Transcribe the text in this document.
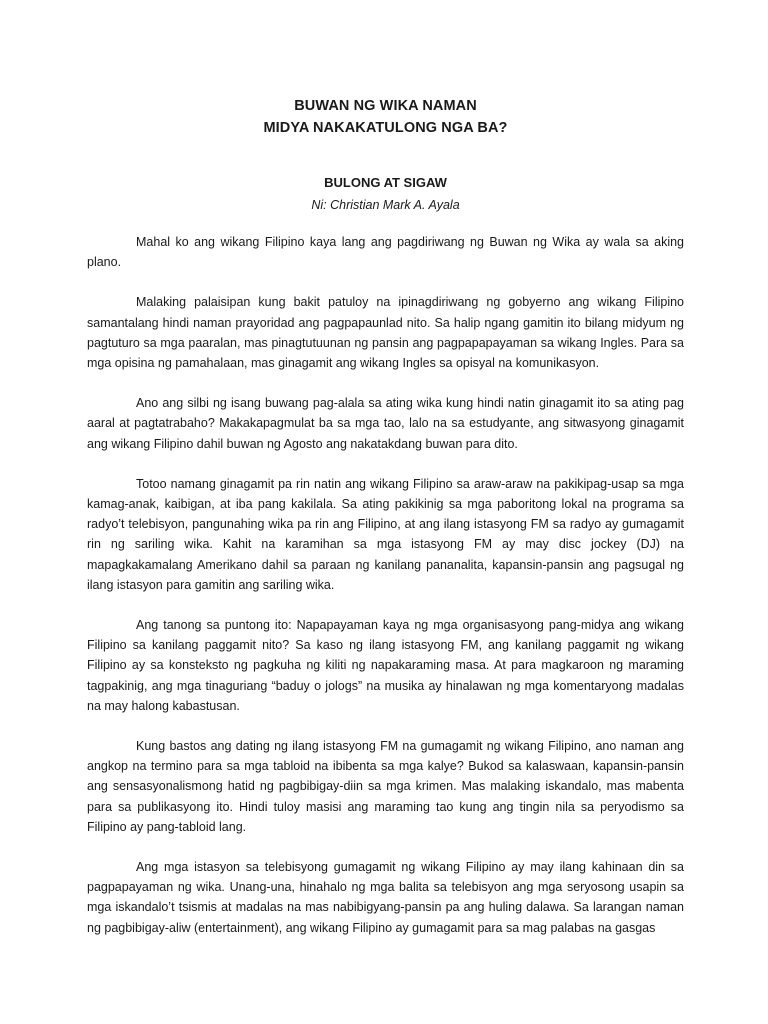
BUWAN NG WIKA NAMAN

MIDYA NAKAKATULONG NGA BA?

BULONG AT SIGAW

Ni: Christian Mark A. Ayala

Mahal ko ang wikang Filipino kaya lang ang pagdiriwang ng Buwan ng Wika ay wala sa aking plano.

Malaking palaisipan kung bakit patuloy na ipinagdiriwang ng gobyerno ang wikang Filipino samantalang hindi naman prayoridad ang pagpapaunlad nito. Sa halip ngang gamitin ito bilang midyum ng pagtuturo sa mga paaralan, mas pinagtutuunan ng pansin ang pagpapapayaman sa wikang Ingles. Para sa mga opisina ng pamahalaan, mas ginagamit ang wikang Ingles sa opisyal na komunikasyon.

Ano ang silbi ng isang buwang pag-alala sa ating wika kung hindi natin ginagamit ito sa ating pag aaral at pagtatrabaho? Makakapagmulat ba sa mga tao, lalo na sa estudyante, ang sitwasyong ginagamit ang wikang Filipino dahil buwan ng Agosto ang nakatakdang buwan para dito.

Totoo namang ginagamit pa rin natin ang wikang Filipino sa araw-araw na pakikipag-usap sa mga kamag-anak, kaibigan, at iba pang kakilala. Sa ating pakikinig sa mga paboritong lokal na programa sa radyo’t telebisyon, pangunahing wika pa rin ang Filipino, at ang ilang istasyong FM sa radyo ay gumagamit rin ng sariling wika. Kahit na karamihan sa mga istasyong FM ay may disc jockey (DJ) na mapagkakamalang Amerikano dahil sa paraan ng kanilang pananalita, kapansin-pansin ang pagsugal ng ilang istasyon para gamitin ang sariling wika.

Ang tanong sa puntong ito: Napapayaman kaya ng mga organisasyong pang-midya ang wikang Filipino sa kanilang paggamit nito? Sa kaso ng ilang istasyong FM, ang kanilang paggamit ng wikang Filipino ay sa konsteksto ng pagkuha ng kiliti ng napakaraming masa. At para magkaroon ng maraming tagpakinig, ang mga tinaguriang “baduy o jologs” na musika ay hinalawan ng mga komentaryong madalas na may halong kabastusan.

Kung bastos ang dating ng ilang istasyong FM na gumagamit ng wikang Filipino, ano naman ang angkop na termino para sa mga tabloid na ibibenta sa mga kalye? Bukod sa kalaswaan, kapansin-pansin ang sensasyonalismong hatid ng pagbibigay-diin sa mga krimen. Mas malaking iskandalo, mas mabenta para sa publikasyong ito. Hindi tuloy masisi ang maraming tao kung ang tingin nila sa peryodismo sa Filipino ay pang-tabloid lang.

Ang mga istasyon sa telebisyong gumagamit ng wikang Filipino ay may ilang kahinaan din sa pagpapayaman ng wika. Unang-una, hinahalo ng mga balita sa telebisyon ang mga seryosong usapin sa mga iskandalo’t tsismis at madalas na mas nabibigyang-pansin pa ang huling dalawa. Sa larangan naman ng pagbibigay-aliw (entertainment), ang wikang Filipino ay gumagamit para sa mag palabas na gasgas
